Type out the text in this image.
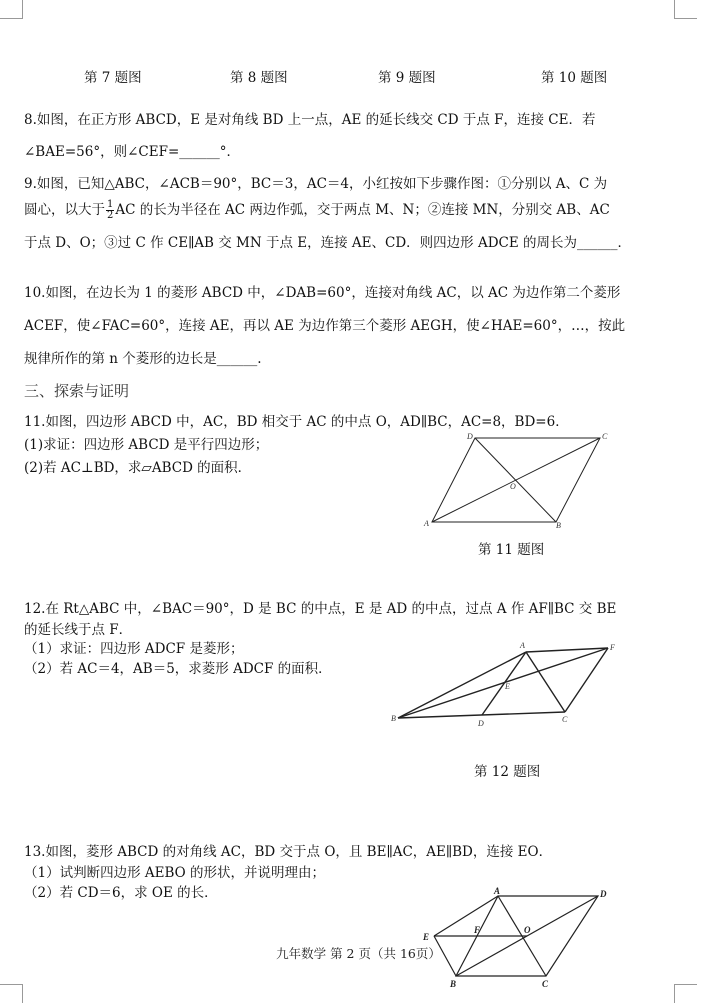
第 7 题图	第 8 题图	第 9 题图	第 10 题图
8.如图，在正方形 ABCD，E 是对角线 BD 上一点，AE 的延长线交 CD 于点 F，连接 CE．若
∠BAE=56°，则∠CEF=______°．
9.如图，已知△ABC，∠ACB＝90°，BC＝3，AC＝4，小红按如下步骤作图：①分别以 A、C 为
圆心，以大于 $\frac{1}{2}$ AC 的长为半径在 AC 两边作弧，交于两点 M、N；②连接 MN，分别交 AB、AC
于点 D、O；③过 C 作 CE∥AB 交 MN 于点 E，连接 AE、CD．则四边形 ADCE 的周长为______．
10.如图，在边长为 1 的菱形 ABCD 中，∠DAB=60°，连接对角线 AC，以 AC 为边作第二个菱形
ACEF，使∠FAC=60°，连接 AE，再以 AE 为边作第三个菱形 AEGH，使∠HAE=60°，…，按此
规律所作的第 n 个菱形的边长是______.
三、探索与证明
11.如图，四边形 ABCD 中，AC，BD 相交于 AC 的中点 O，AD∥BC，AC=8，BD=6．
(1)求证：四边形 ABCD 是平行四边形；
(2)若 AC⊥BD，求▱ABCD 的面积．
A	B
C
D
O
第 11 题图
12.在 Rt△ABC 中，∠BAC＝90°，D 是 BC 的中点，E 是 AD 的中点，过点 A 作 AF∥BC 交 BE
的延长线于点 F．
（1）求证：四边形 ADCF 是菱形；
（2）若 AC＝4，AB＝5，求菱形 ADCF 的面积．
B
A	F
E
D	C
第 12 题图
13.如图，菱形 ABCD 的对角线 AC，BD 交于点 O，且 BE∥AC，AE∥BD，连接 EO．
（1）试判断四边形 AEBO 的形状，并说明理由；
（2）若 CD＝6，求 OE 的长．	A	D
E
F	O
B	C
九年数学 第 2 页（共 16页）
